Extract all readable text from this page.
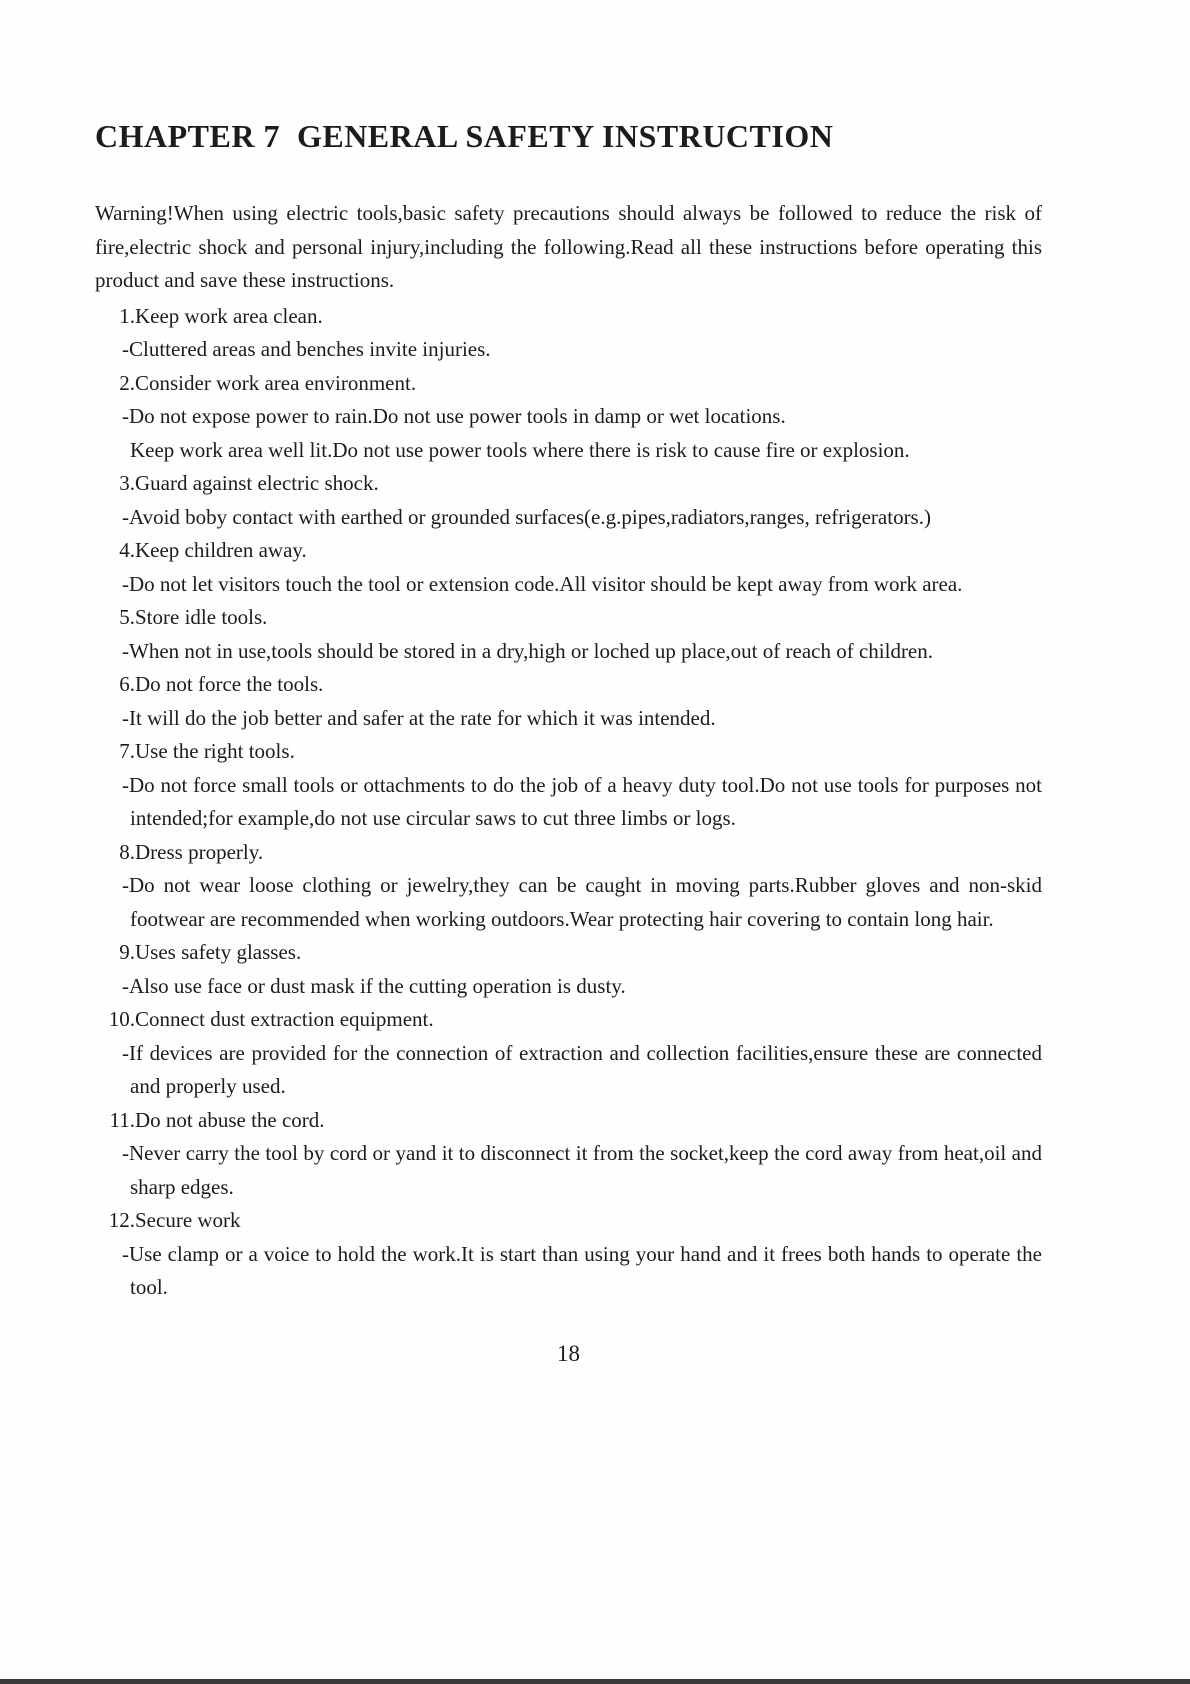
CHAPTER 7  GENERAL SAFETY INSTRUCTION

Warning!When using electric tools,basic safety precautions should always be followed to reduce the risk of fire,electric shock and personal injury,including the following.Read all these instructions before operating this product and save these instructions.

1. Keep work area clean.
-Cluttered areas and benches invite injuries.
2. Consider work area environment.
-Do not expose power to rain.Do not use power tools in damp or wet locations.
Keep work area well lit.Do not use power tools where there is risk to cause fire or explosion.
3. Guard against electric shock.
-Avoid boby contact with earthed or grounded surfaces(e.g.pipes,radiators,ranges, refrigerators.)
4. Keep children away.
-Do not let visitors touch the tool or extension code.All visitor should be kept away from work area.
5. Store idle tools.
-When not in use,tools should be stored in a dry,high or loched up place,out of reach of children.
6. Do not force the tools.
-It will do the job better and safer at the rate for which it was intended.
7. Use the right tools.
-Do not force small tools or ottachments to do the job of a heavy duty tool.Do not use tools for purposes not intended;for example,do not use circular saws to cut three limbs or logs.
8. Dress properly.
-Do not wear loose clothing or jewelry,they can be caught in moving parts.Rubber gloves and non-skid footwear are recommended when working outdoors.Wear protecting hair covering to contain long hair.
9. Uses safety glasses.
-Also use face or dust mask if the cutting operation is dusty.
10. Connect dust extraction equipment.
-If devices are provided for the connection of extraction and collection facilities,ensure these are connected and properly used.
11. Do not abuse the cord.
-Never carry the tool by cord or yand it to disconnect it from the socket,keep the cord away from heat,oil and sharp edges.
12. Secure work
-Use clamp or a voice to hold the work.It is start than using your hand and it frees both hands to operate the tool.
18
